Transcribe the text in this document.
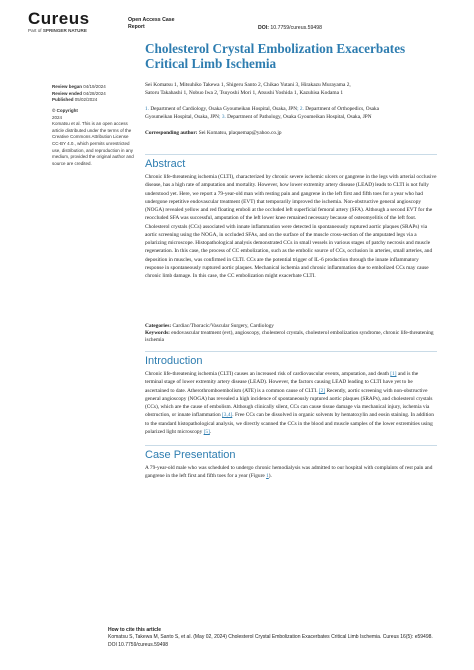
Cureus
Part of SPRINGER NATURE
Open Access Case
Report	DOI: 10.7759/cureus.59498
Cholesterol Crystal Embolization Exacerbates Critical Limb Ischemia
Sei Komatsu 1, Mitsuhiko Takewa 1, Shigeru Santo 2, Chikao Yutani 3, Hirakazu Murayama 2,
Satoru Takahashi 1, Nobuo Iwa 2, Tsuyoshi Mori 1, Atsushi Yoshida 1, Kazuhisa Kodama 1
1. Department of Cardiology, Osaka Gyoumeikan Hospital, Osaka, JPN; 2. Department of Orthopedics, Osaka
Gyoumeikan Hospital, Osaka, JPN; 3. Department of Pathology, Osaka Gyoumeikan Hospital, Osaka, JPN
Corresponding author: Sei Komatsu, plaquemap@yahoo.co.jp
Review began 04/19/2024
Review ended 04/28/2024
Published 05/02/2024
© Copyright
2024
Komatsu et al. This is an open access article distributed under the terms of the Creative Commons Attribution License CC-BY 4.0., which permits unrestricted use, distribution, and reproduction in any medium, provided the original author and source are credited.	Abstract
Chronic life-threatening ischemia (CLTI), characterized by chronic severe ischemic ulcers or gangrene in the legs with arterial occlusive disease, has a high rate of amputation and mortality. However, how lower extremity artery disease (LEAD) leads to CLTI is not fully understood yet. Here, we report a 79-year-old man with resting pain and gangrene in the left first and fifth toes for a year who had undergone repetitive endovascular treatment (EVT) that temporarily improved the ischemia. Non-obstructive general angioscopy (NOGA) revealed yellow and red floating emboli at the occluded left superficial femoral artery (SFA). Although a second EVT for the reoccluded SFA was successful, amputation of the left lower knee remained necessary because of osteomyelitis of the left foot. Cholesterol crystals (CCs) associated with innate inflammation were detected in spontaneously ruptured aortic plaques (SRAPs) via aortic screening using the NOGA, in occluded SFAs, and on the surface of the muscle cross-section of the amputated legs via a polarizing microscope. Histopathological analysis demonstrated CCs in small vessels in various stages of patchy necrosis and muscle regeneration. In this case, the process of CC embolization, such as the embolic source of CCs, occlusion in arteries, small arteries, and deposition in muscles, was confirmed in CLTI. CCs are the potential trigger of IL-6 production through the innate inflammatory response in spontaneously ruptured aortic plaques. Mechanical ischemia and chronic inflammation due to embolized CCs may cause chronic limb damage. In this case, the CC embolization might exacerbate CLTI.
Categories: Cardiac/Thoracic/Vascular Surgery, Cardiology
Keywords: endovascular treatment (evt), angioscopy, cholesterol crystals, cholesterol embolization syndrome, chronic life-threatening ischemia
Introduction
Chronic life-threatening ischemia (CLTI) causes an increased risk of cardiovascular events, amputation, and death [1] and is the terminal stage of lower extremity artery disease (LEAD). However, the factors causing LEAD leading to CLTI have yet to be ascertained to date. Atherothromboembolism (ATE) is a common cause of CLTI. [2] Recently, aortic screening with non-obstructive general angioscopy (NOGA) has revealed a high incidence of spontaneously ruptured aortic plaques (SRAPs), and cholesterol crystals (CCs), which are the cause of embolism. Although clinically silent, CCs can cause tissue damage via mechanical injury, ischemia via obstruction, or innate inflammation [3,4]. Free CCs can be dissolved in organic solvents by hematoxylin and eosin staining. In addition to the standard histopathological analysis, we directly scanned the CCs in the blood and muscle samples of the lower extremities using polarized light microscopy [5].
Case Presentation
A 79-year-old male who was scheduled to undergo chronic hemodialysis was admitted to our hospital with complaints of rest pain and gangrene in the left first and fifth toes for a year (Figure 1).
How to cite this article
Komatsu S, Takewa M, Santo S, et al. (May 02, 2024) Cholesterol Crystal Embolization Exacerbates Critical Limb Ischemia. Cureus 16(5): e59498.
DOI 10.7759/cureus.59498
